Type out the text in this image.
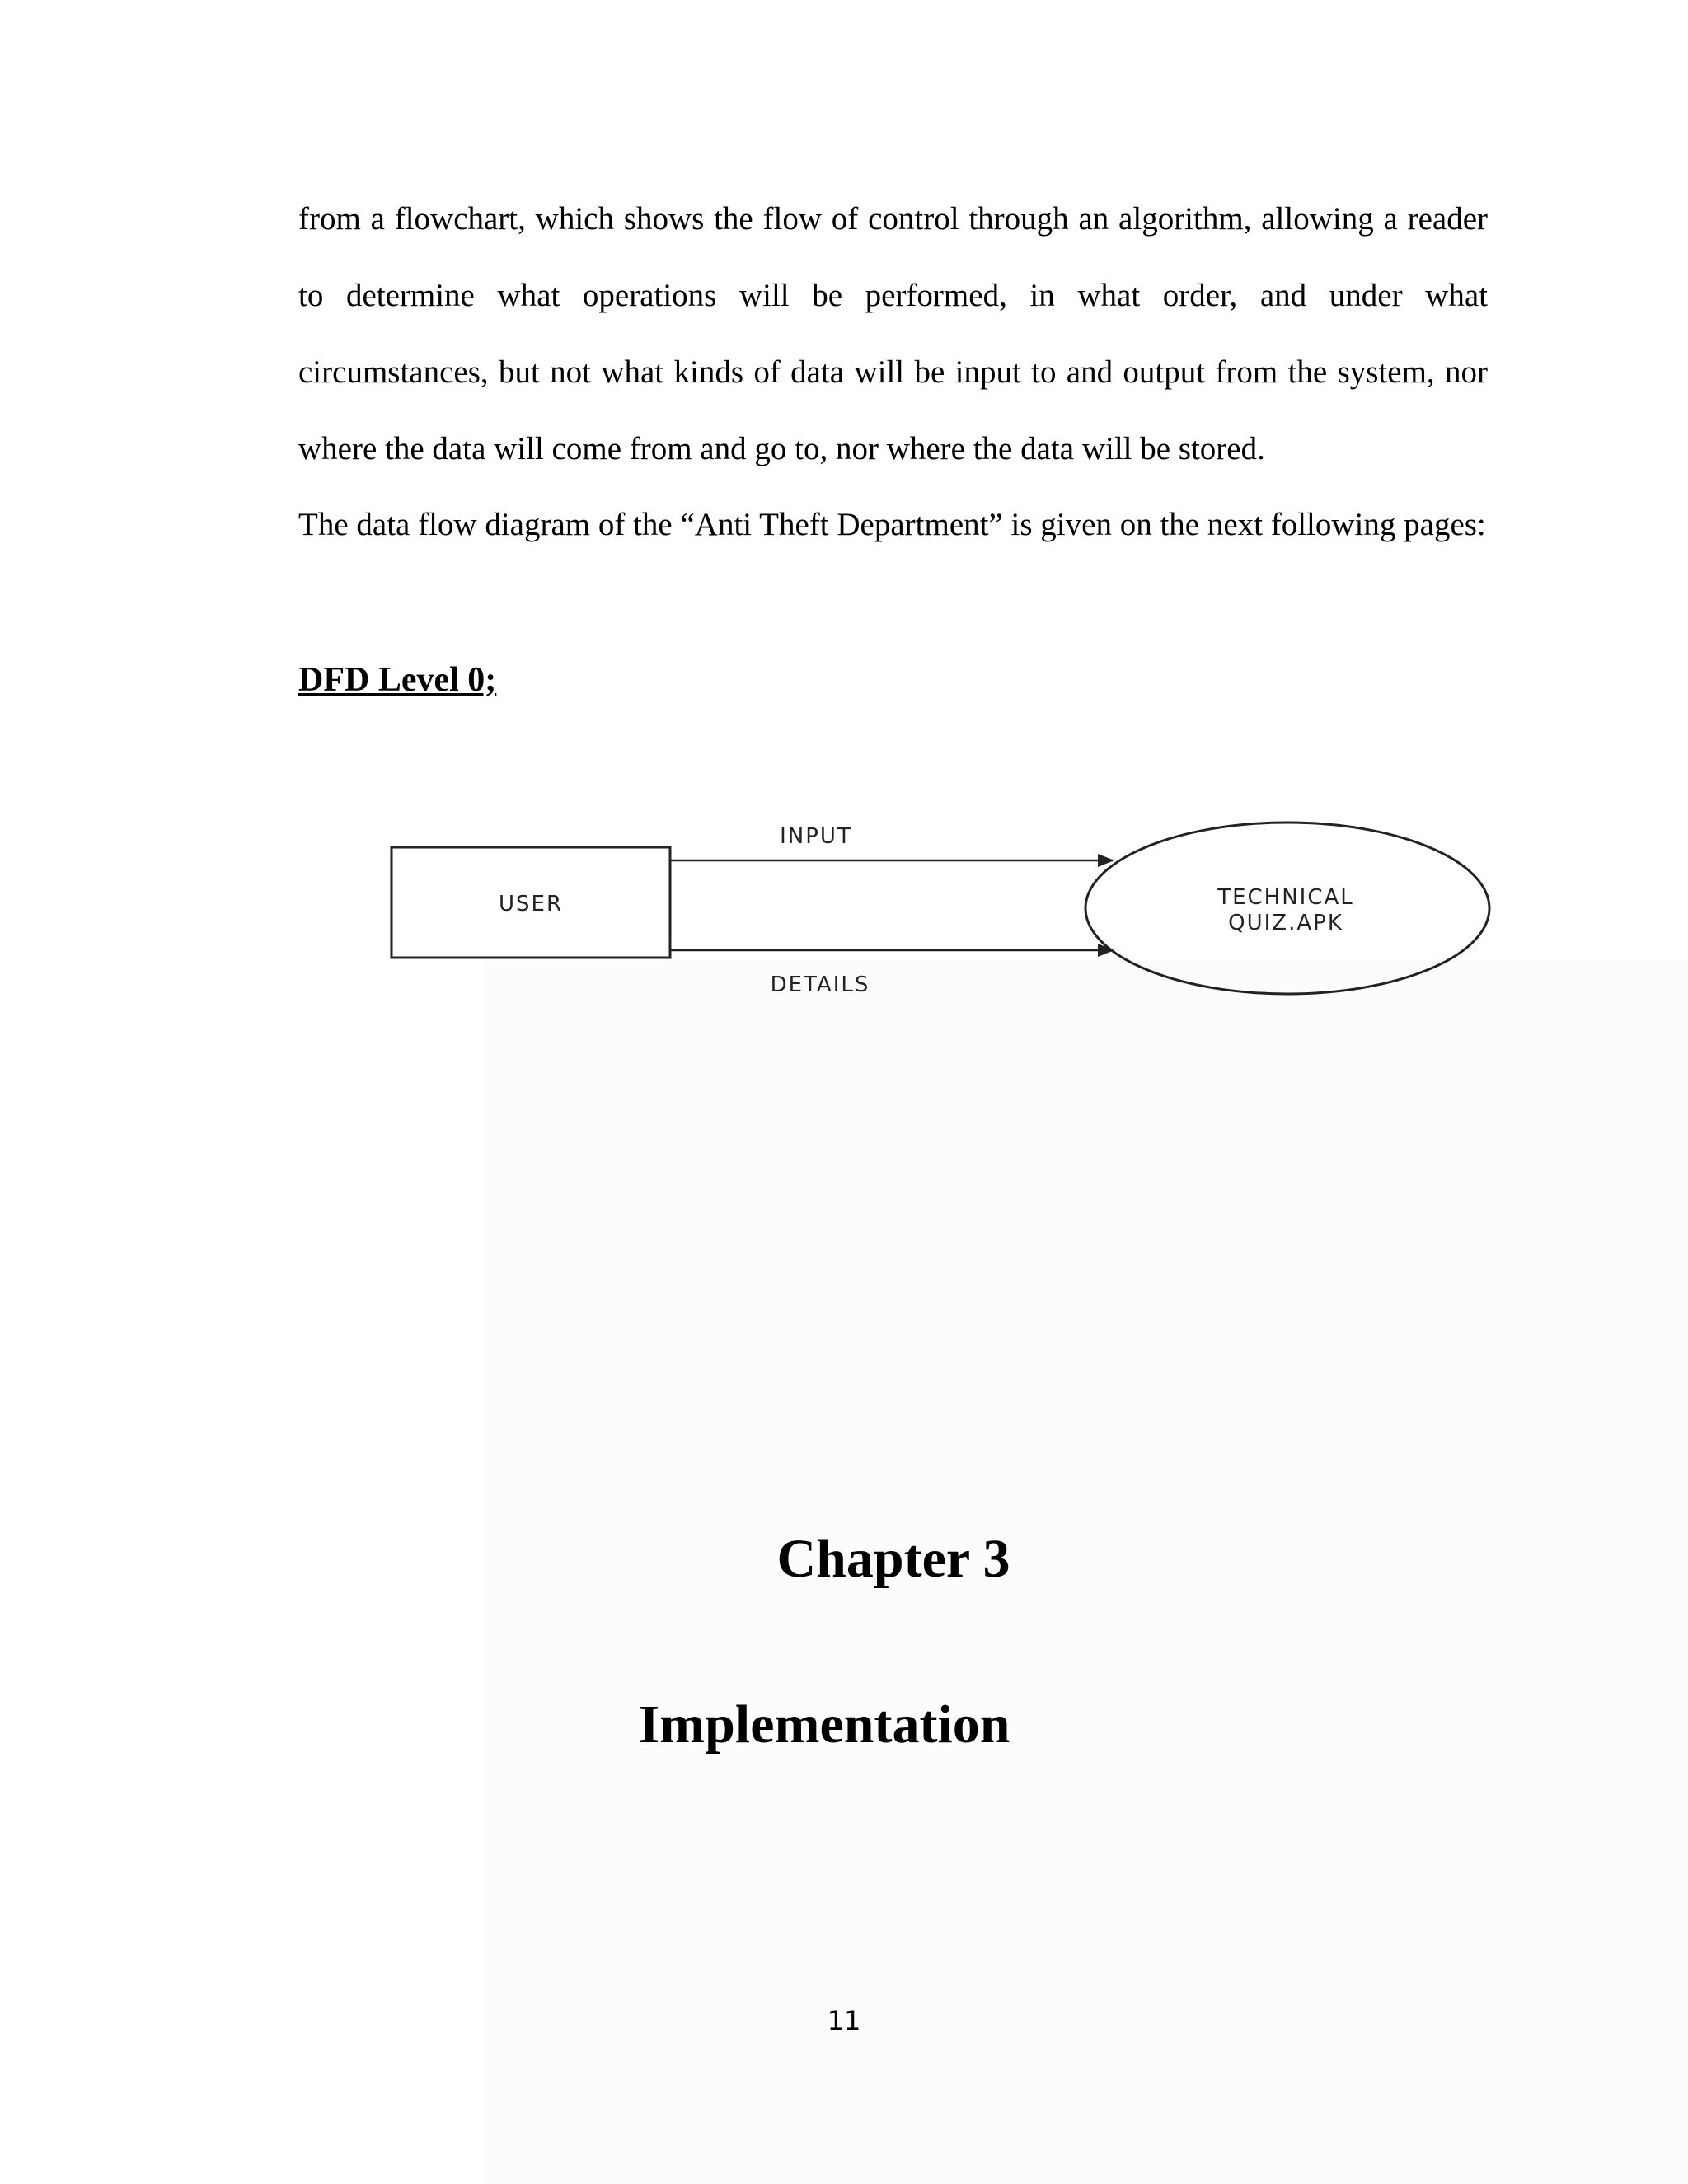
from a flowchart, which shows the flow of control through an algorithm, allowing a reader to determine what operations will be performed, in what order, and under what circumstances, but not what kinds of data will be input to and output from the system, nor where the data will come from and go to, nor where the data will be stored.

The data flow diagram of the “Anti Theft Department” is given on the next following pages:

DFD Level 0;
USER	TECHNICAL
QUIZ.APK
INPUT
DETAILS
Chapter 3
Implementation

11
